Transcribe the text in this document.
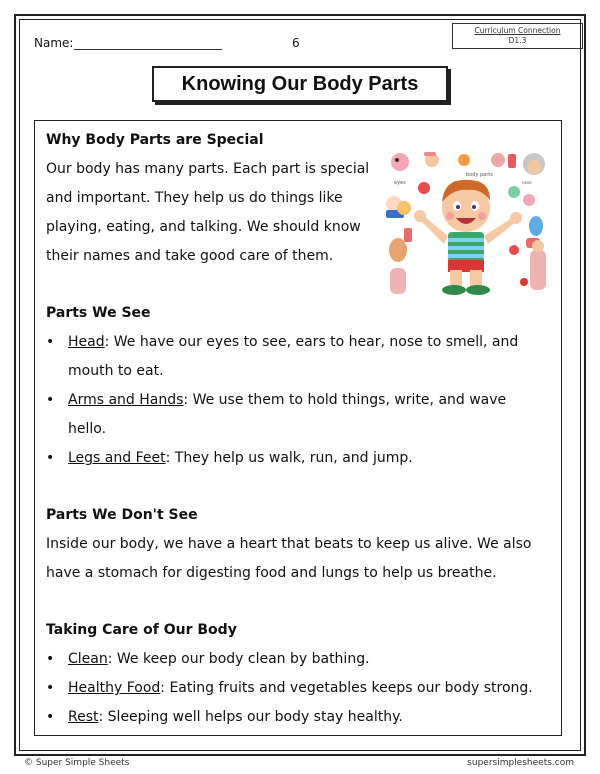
Name:	6
Curriculum Connection
D1.3
Knowing Our Body Parts
Why Body Parts are Special
Our body has many parts. Each part is special
and important. They help us do things like
playing, eating, and talking. We should know
their names and take good care of them.
Parts We See
• Head: We have our eyes to see, ears to hear, nose to smell, and
mouth to eat.
• Arms and Hands: We use them to hold things, write, and wave
hello.
• Legs and Feet: They help us walk, run, and jump.
Parts We Don't See
Inside our body, we have a heart that beats to keep us alive. We also
have a stomach for digesting food and lungs to help us breathe.
Taking Care of Our Body
• Clean: We keep our body clean by bathing.
• Healthy Food: Eating fruits and vegetables keeps our body strong.
• Rest: Sleeping well helps our body stay healthy.
body parts
eyes	nose
© Super Simple Sheets	supersimplesheets.com
